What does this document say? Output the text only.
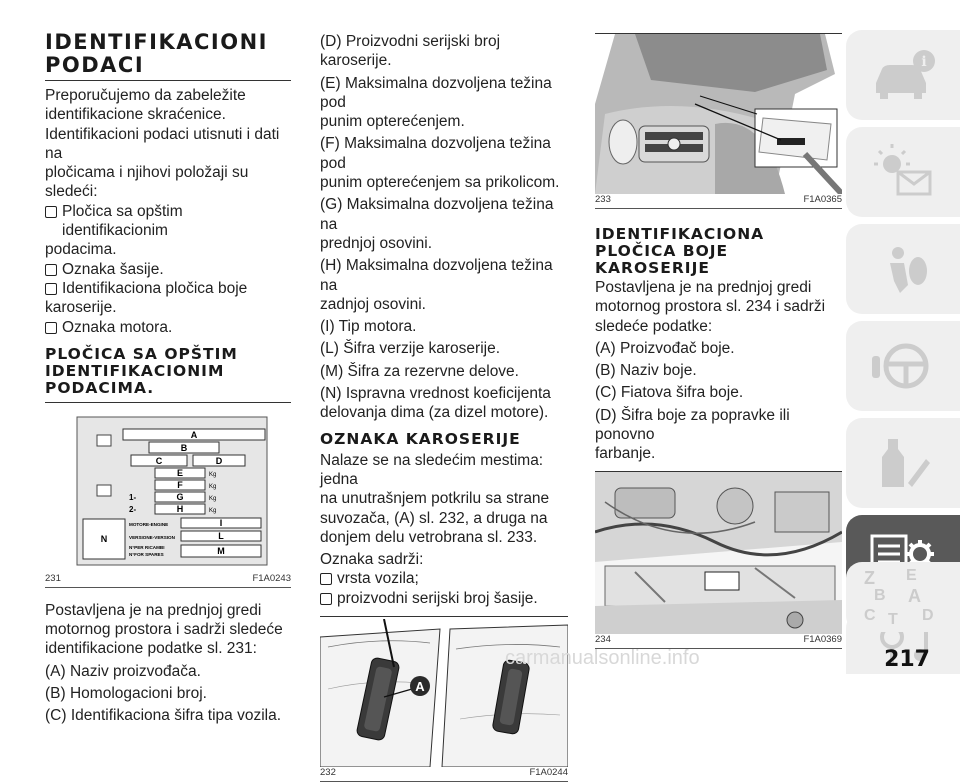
IDENTIFIKACIONI
PODACI

Preporučujemo da zabeležite

identifikacione skraćenice.

Identifikacioni podaci utisnuti i dati na

pločicama i njihovi položaji su sledeći:

Pločica sa opštim identifikacionim

podacima.

Oznaka šasije.

Identifikaciona pločica boje

karoserije.

Oznaka motora.

PLOČICA SA OPŠTIM
IDENTIFIKACIONIM
PODACIMA.
A
B
C	D
E
F
G
H
Kg
Kg
Kg
Kg
1-
2-
MOTORE-ENGINE
VERSIONE-VERSION
N°PER RICAMBI
N°FOR SPARES
I
L
M
N
231	F1A0243

Postavljena je na prednjoj gredi

motornog prostora i sadrži sledeće

identifikacione podatke sl. 231:

(A) Naziv proizvođača.

(B) Homologacioni broj.

(C) Identifikaciona šifra tipa vozila.

(D) Proizvodni serijski broj karoserije.

(E) Maksimalna dozvoljena težina pod

punim opterećenjem.

(F) Maksimalna dozvoljena težina pod

punim opterećenjem sa prikolicom.

(G) Maksimalna dozvoljena težina na

prednjoj osovini.

(H) Maksimalna dozvoljena težina na

zadnjoj osovini.

(I) Tip motora.

(L) Šifra verzije karoserije.

(M) Šifra za rezervne delove.

(N) Ispravna vrednost koeficijenta

delovanja dima (za dizel motore).

OZNAKA KAROSERIJE

Nalaze se na sledećim mestima: jedna

na unutrašnjem potkrilu sa strane

suvozača, (A) sl. 232, a druga na

donjem delu vetrobrana sl. 233.

Oznaka sadrži:

vrsta vozila;

proizvodni serijski broj šasije.

A
232	F1A0244
233	F1A0365
IDENTIFIKACIONA
PLOČICA BOJE
KAROSERIJE

Postavljena je na prednjoj gredi

motornog prostora sl. 234 i sadrži

sledeće podatke:

(A) Proizvođač boje.

(B) Naziv boje.

(C) Fiatova šifra boje.

(D) Šifra boje za popravke ili ponovno

farbanje.

234	F1A0369
i
Z E
B A
C T D
carmanualsonline.info	217
